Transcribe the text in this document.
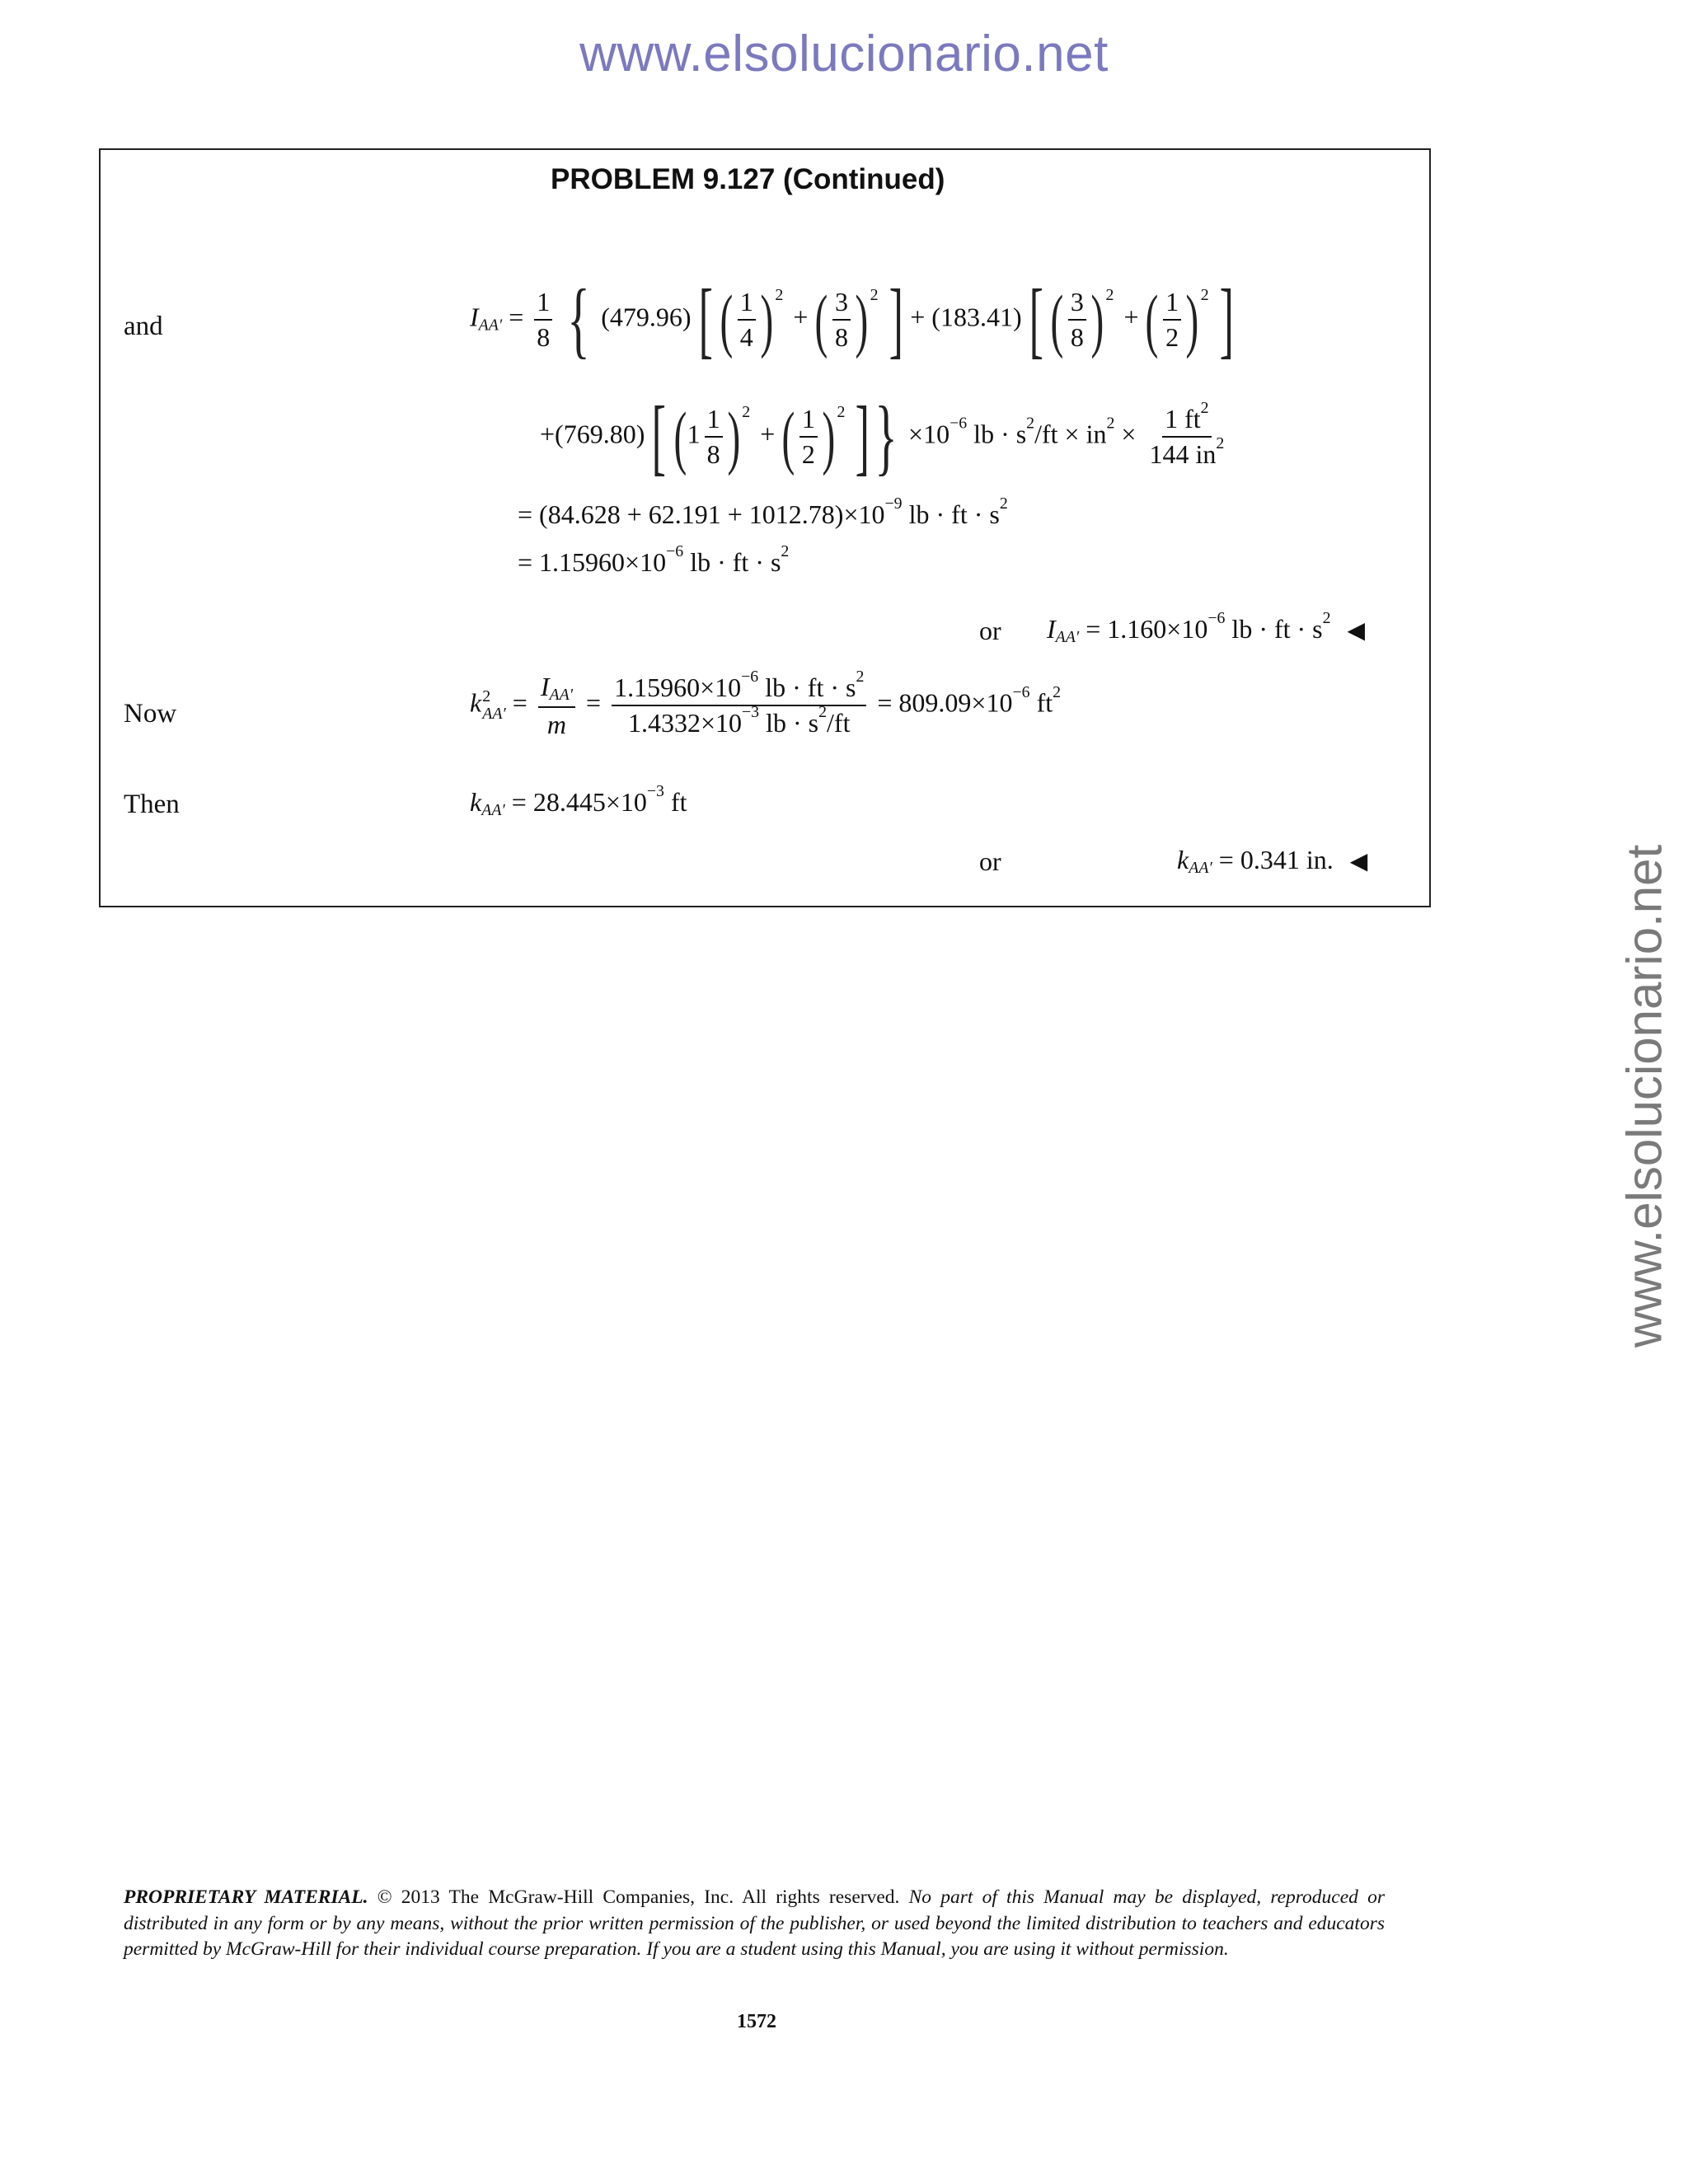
www.elsolucionario.net
www.elsolucionario.net
PROBLEM 9.127 (Continued)
and
Now
Then
$I_{AA'} = \frac{1}{8}$ { (479.96) [ ( $\frac{1}{4}$ ) $^2$ + ( $\frac{3}{8}$ ) $^2$ ] + (183.41) [ ( $\frac{3}{8}$ ) $^2$ + ( $\frac{1}{2}$ ) $^2$ ]
+(769.80) [ ($1 \frac{1}{8}$ ) $^2$ + ( $\frac{1}{2}$ ) $^2$ ]} $\times 10^{-6}$ lb · $s^2/ft \times in^2 \times \frac{1 ft^2}{144 in^2}$
= $(84.628 + 62.191 + 1012.78)\times 10^{-9}$ lb · ft · $s^2$
= $1.15960\times 10^{-6}$ lb · ft · $s^2$
or $I_{AA'} = 1.160\times 10^{-6}$ lb · ft · $s^2$ ◀
k 2
$AA' = \frac{I_{AA'}}{m} = \frac{1.15960\times 10^{-6} lb \cdot ft \cdot s^2}{1.4332\times 10^{-3} lb \cdot s^2/ft} = 809.09\times 10^{-6}$ $ft^2$
$k_{AA'} = 28.445\times 10^{-3}$ ft
or	$k_{AA'} = 0.341$ in. ◀
PROPRIETARY MATERIAL. © 2013 The McGraw-Hill Companies, Inc. All rights reserved. No part of this Manual may be displayed, reproduced or distributed in any form or by any means, without the prior written permission of the publisher, or used beyond the limited distribution to teachers and educators permitted by McGraw-Hill for their individual course preparation. If you are a student using this Manual, you are using it without permission.
1572
